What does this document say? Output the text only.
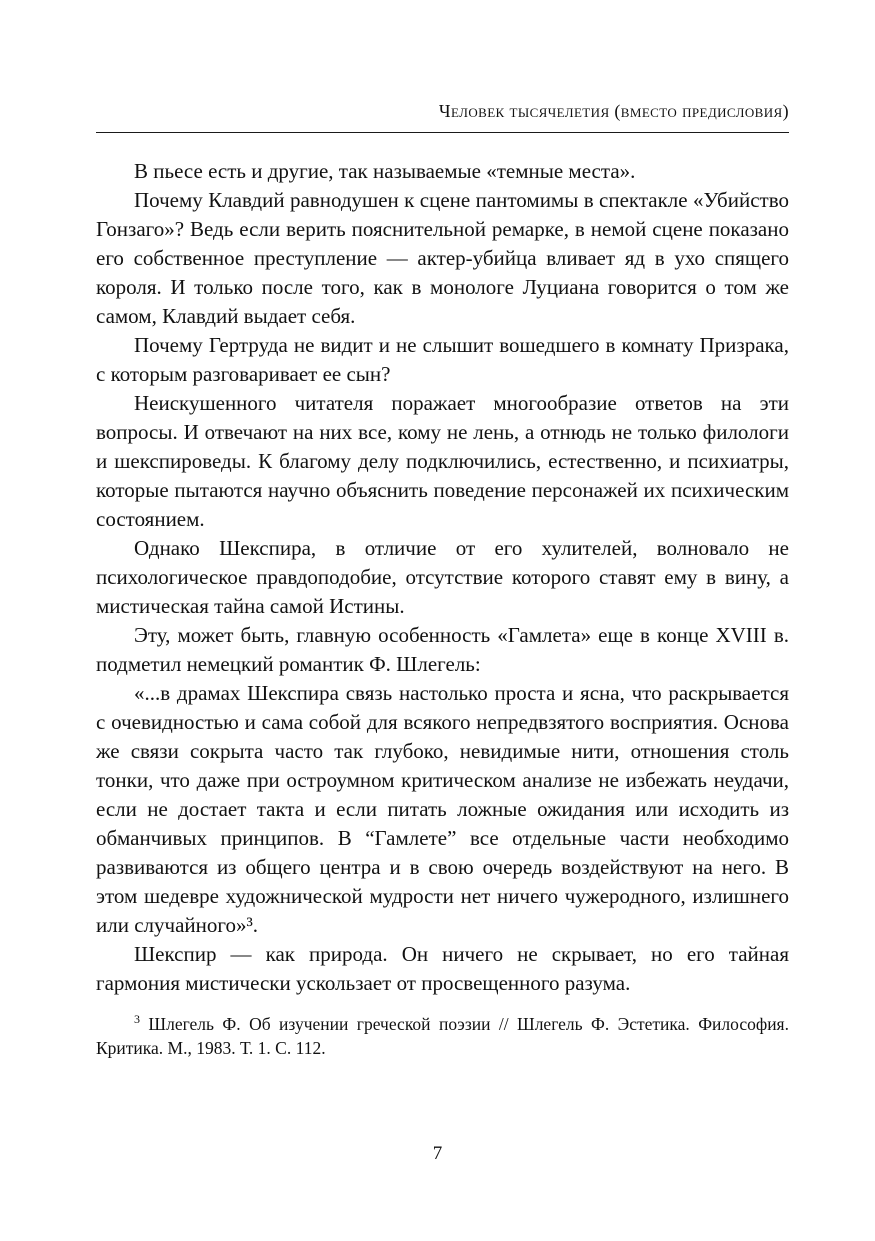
Человек тысячелетия (вместо предисловия)

В пьесе есть и другие, так называемые «темные места».

Почему Клавдий равнодушен к сцене пантомимы в спектакле «Убийство Гонзаго»? Ведь если верить пояснительной ремарке, в немой сцене показано его собственное преступление — актер-убийца вливает яд в ухо спящего короля. И только после того, как в монологе Луциана говорится о том же самом, Клавдий выдает себя.

Почему Гертруда не видит и не слышит вошедшего в комнату Призрака, с которым разговаривает ее сын?

Неискушенного читателя поражает многообразие ответов на эти вопросы. И отвечают на них все, кому не лень, а отнюдь не только филологи и шекспироведы. К благому делу подключились, естественно, и психиатры, которые пытаются научно объяснить поведение персонажей их психическим состоянием.

Однако Шекспира, в отличие от его хулителей, волновало не психологическое правдоподобие, отсутствие которого ставят ему в вину, а мистическая тайна самой Истины.

Эту, может быть, главную особенность «Гамлета» еще в конце XVIII в. подметил немецкий романтик Ф. Шлегель:

«...в драмах Шекспира связь настолько проста и ясна, что раскрывается с очевидностью и сама собой для всякого непредвзятого восприятия. Основа же связи сокрыта часто так глубоко, невидимые нити, отношения столь тонки, что даже при остроумном критическом анализе не избежать неудачи, если не достает такта и если питать ложные ожидания или исходить из обманчивых принципов. В “Гамлете” все отдельные части необходимо развиваются из общего центра и в свою очередь воздействуют на него. В этом шедевре художнической мудрости нет ничего чужеродного, излишнего или случайного»³.

Шекспир — как природа. Он ничего не скрывает, но его тайная гармония мистически ускользает от просвещенного разума.

$^3$ Шлегель Ф. Об изучении греческой поэзии // Шлегель Ф. Эстетика. Философия. Критика. М., 1983. Т. 1. С. 112.
7
